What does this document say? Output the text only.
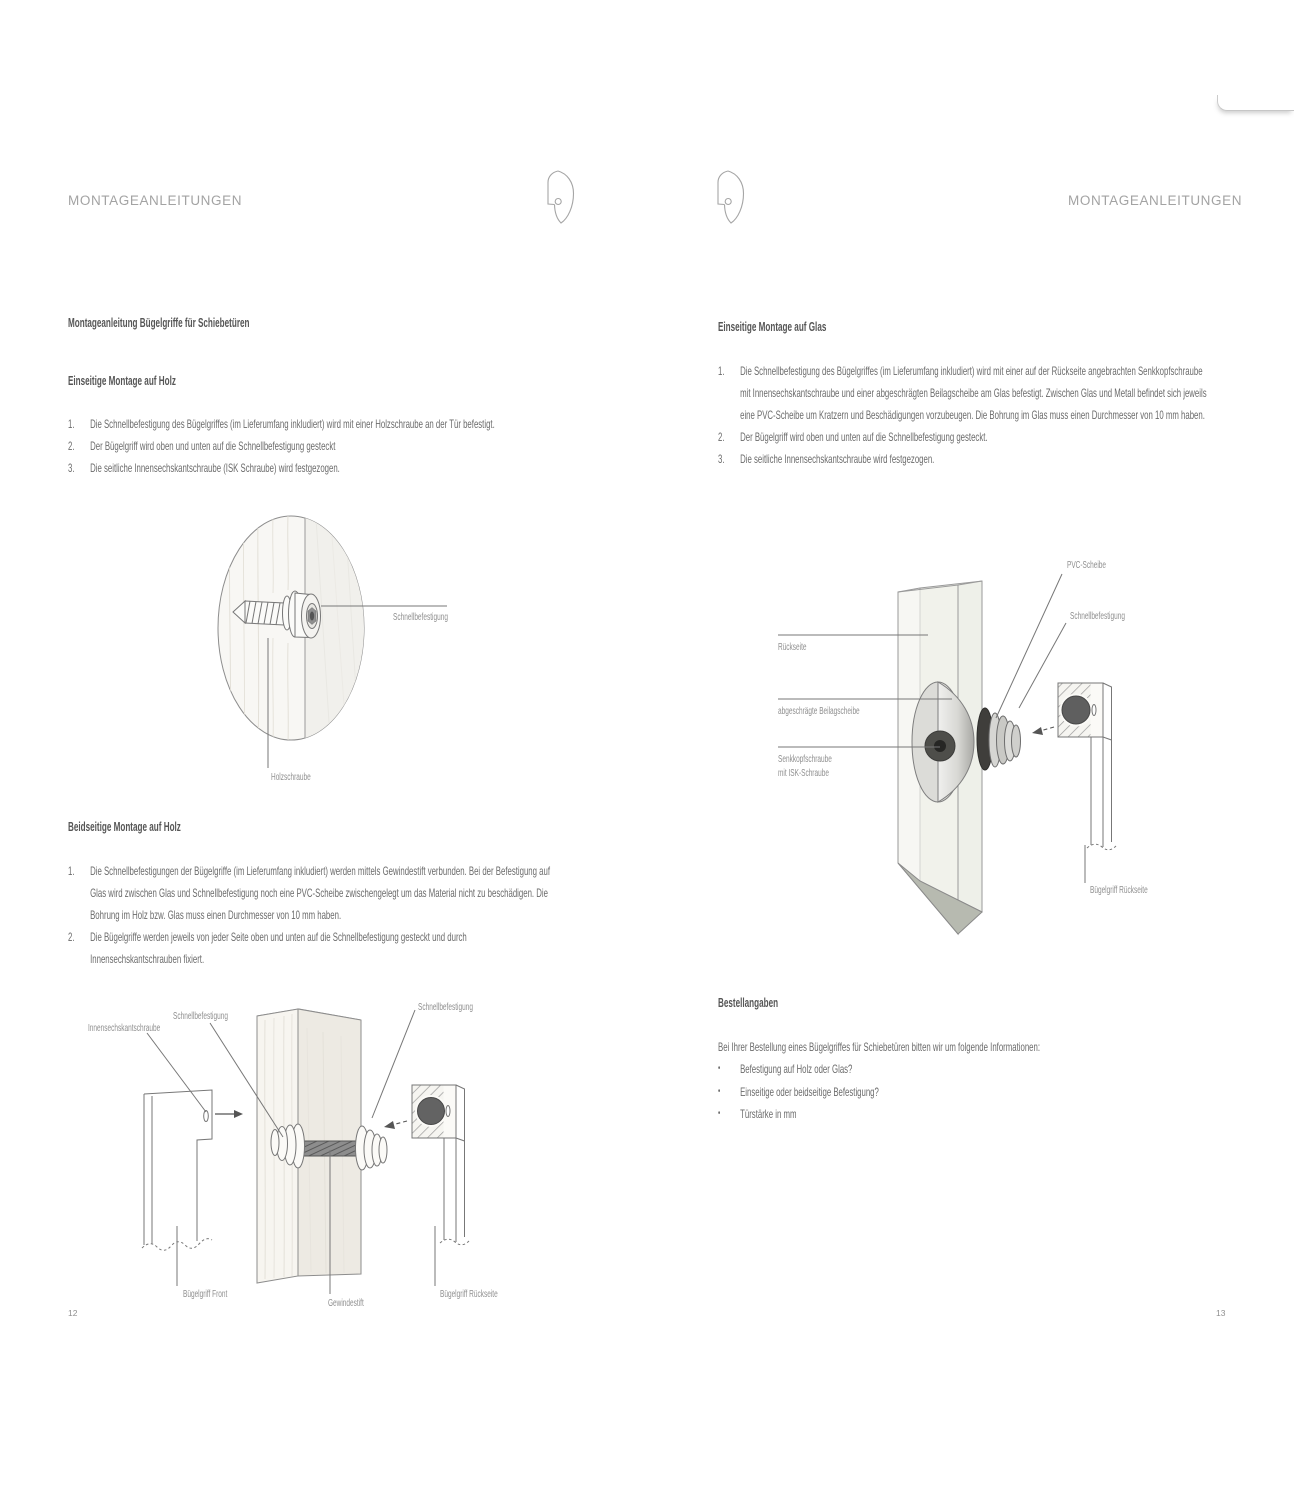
MONTAGEANLEITUNGEN
Montageanleitung Bügelgriffe für Schiebetüren
Einseitige Montage auf Holz
1.	Die Schnellbefestigung des Bügelgriffes (im Lieferumfang inkludiert) wird mit einer Holzschraube an der Tür befestigt.
2.	Der Bügelgriff wird oben und unten auf die Schnellbefestigung gesteckt
3.	Die seitliche Innensechskantschraube (ISK Schraube) wird festgezogen.
Schnellbefestigung
Holzschraube
Beidseitige Montage auf Holz
1.	Die Schnellbefestigungen der Bügelgriffe (im Lieferumfang inkludiert) werden mittels Gewindestift verbunden. Bei der Befestigung auf Glas wird zwischen Glas und Schnellbefestigung noch eine PVC-Scheibe zwischengelegt um das Material nicht zu beschädigen. Die Bohrung im Holz bzw. Glas muss einen Durchmesser von 10 mm haben.
2.	Die Bügelgriffe werden jeweils von jeder Seite oben und unten auf die Schnellbefestigung gesteckt und durch Innensechskantschrauben fixiert.
Innensechskantschraube
Schnellbefestigung
Schnellbefestigung
Bügelgriff Front
Gewindestift
Bügelgriff Rückseite
12
MONTAGEANLEITUNGEN
Einseitige Montage auf Glas
1.	Die Schnellbefestigung des Bügelgriffes (im Lieferumfang inkludiert) wird mit einer auf der Rückseite angebrachten Senkkopfschraube mit Innensechskantschraube und einer abgeschrägten Beilagscheibe am Glas befestigt. Zwischen Glas und Metall befindet sich jeweils eine PVC-Scheibe um Kratzern und Beschädigungen vorzubeugen. Die Bohrung im Glas muss einen Durchmesser von 10 mm haben.
2.	Der Bügelgriff wird oben und unten auf die Schnellbefestigung gesteckt.
3.	Die seitliche Innensechskantschraube wird festgezogen.
Rückseite
abgeschrägte Beilagscheibe
Senkkopfschraube
mit ISK-Schraube
PVC-Scheibe
Schnellbefestigung
Bügelgriff Rückseite
Bestellangaben
Bei Ihrer Bestellung eines Bügelgriffes für Schiebetüren bitten wir um folgende Informationen:
•	Befestigung auf Holz oder Glas?
•	Einseitige oder beidseitige Befestigung?
•	Türstärke in mm
13
